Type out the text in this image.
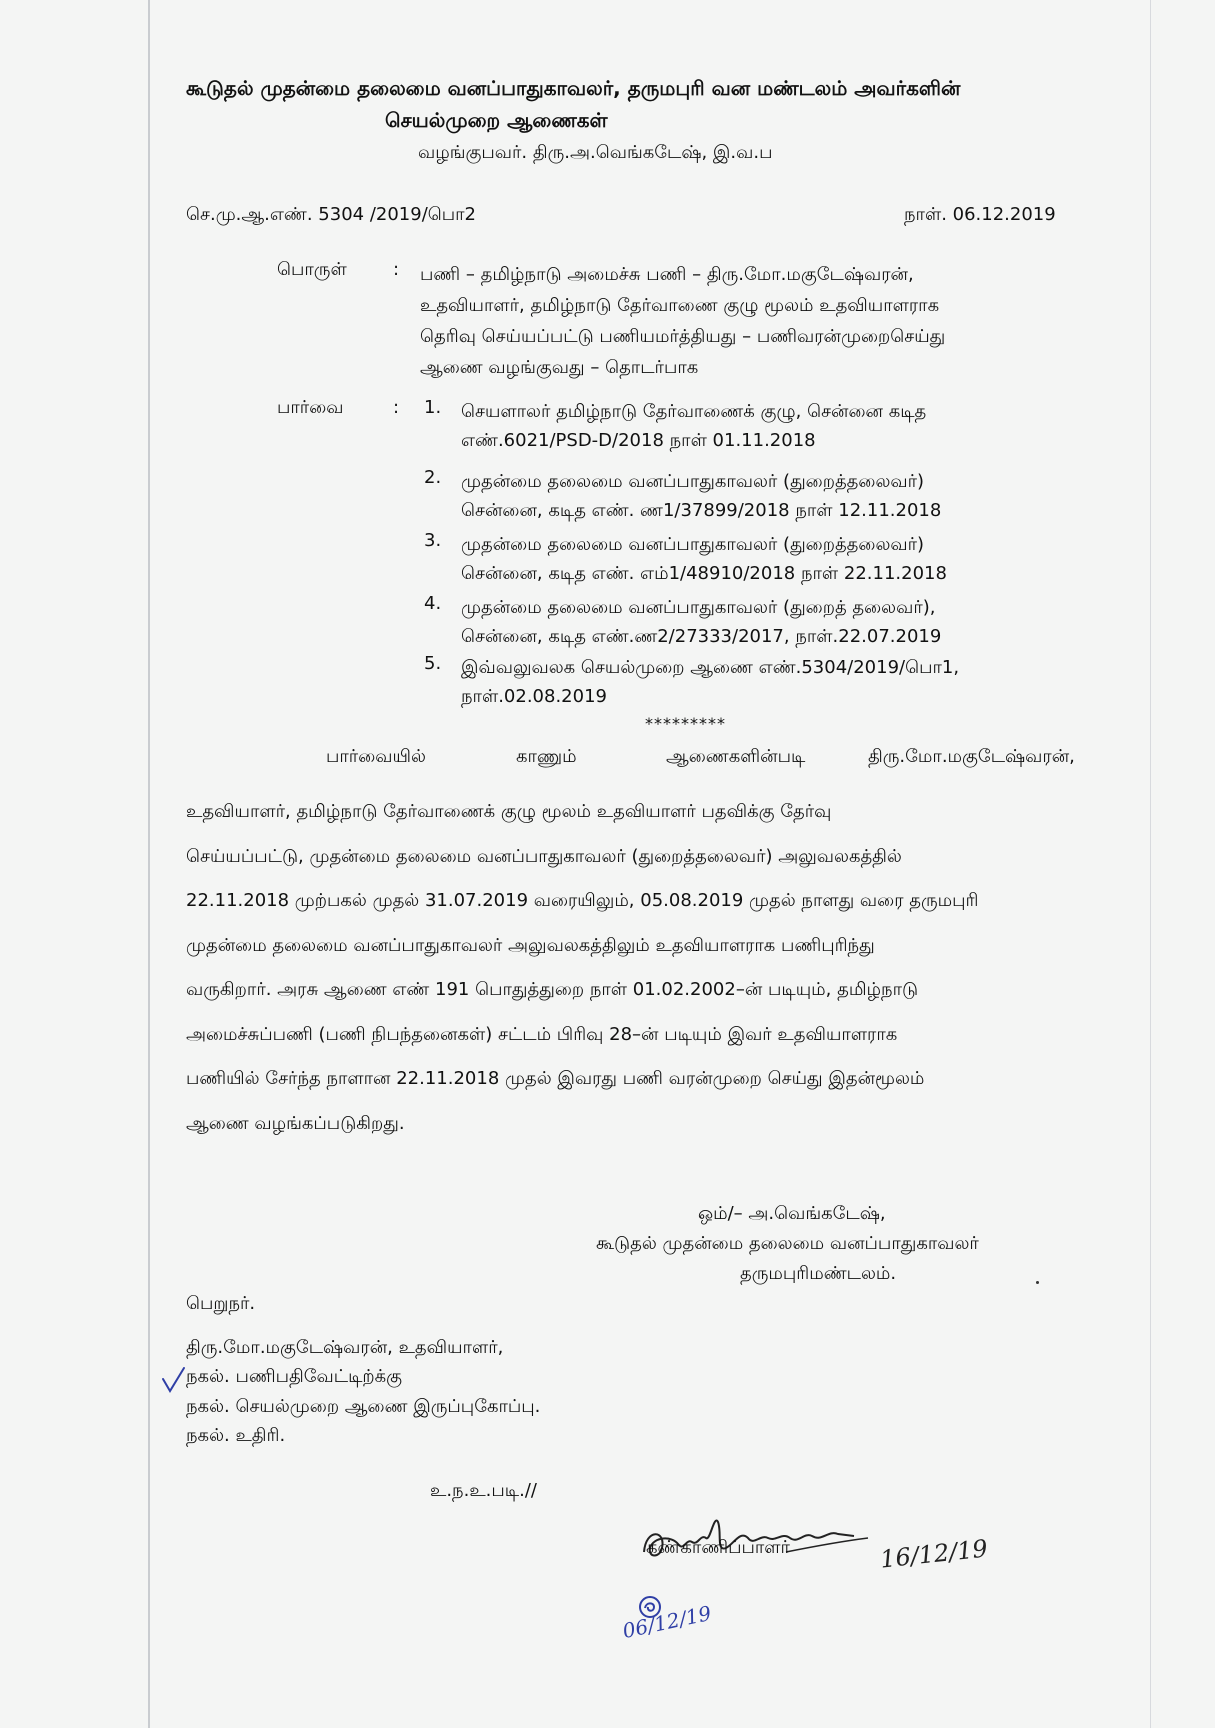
கூடுதல் முதன்மை தலைமை வனப்பாதுகாவலர், தருமபுரி வன மண்டலம் அவர்களின்
செயல்முறை ஆணைகள்
வழங்குபவர். திரு.அ.வெங்கடேஷ், இ.வ.ப
செ.மு.ஆ.எண். 5304 /2019/பொ2	நாள். 06.12.2019
பொருள்	: பணி – தமிழ்நாடு அமைச்சு பணி – திரு.மோ.மகுடேஷ்வரன்,
உதவியாளர், தமிழ்நாடு தேர்வாணை குழு மூலம் உதவியாளராக
தெரிவு செய்யப்பட்டு பணியமர்த்தியது – பணிவரன்முறைசெய்து
ஆணை வழங்குவது – தொடர்பாக
பார்வை	: 1. செயளாலர் தமிழ்நாடு தேர்வாணைக் குழு, சென்னை கடித
எண்.6021/PSD-D/2018 நாள் 01.11.2018
2. முதன்மை தலைமை வனப்பாதுகாவலர் (துறைத்தலைவர்)
சென்னை, கடித எண். ண1/37899/2018 நாள் 12.11.2018
3. முதன்மை தலைமை வனப்பாதுகாவலர் (துறைத்தலைவர்)
சென்னை, கடித எண். எம்1/48910/2018 நாள் 22.11.2018
4. முதன்மை தலைமை வனப்பாதுகாவலர் (துறைத் தலைவர்),
சென்னை, கடித எண்.ண2/27333/2017, நாள்.22.07.2019
5. இவ்வலுவலக செயல்முறை ஆணை எண்.5304/2019/பொ1,
நாள்.02.08.2019
*********
பார்வையில்	காணும்	ஆணைகளின்படி	திரு.மோ.மகுடேஷ்வரன்,
உதவியாளர், தமிழ்நாடு தேர்வாணைக் குழு மூலம் உதவியாளர் பதவிக்கு தேர்வு
செய்யப்பட்டு, முதன்மை தலைமை வனப்பாதுகாவலர் (துறைத்தலைவர்) அலுவலகத்தில்
22.11.2018 முற்பகல் முதல் 31.07.2019 வரையிலும், 05.08.2019 முதல் நாளது வரை தருமபுரி
முதன்மை தலைமை வனப்பாதுகாவலர் அலுவலகத்திலும் உதவியாளராக பணிபுரிந்து
வருகிறார். அரசு ஆணை எண் 191 பொதுத்துறை நாள் 01.02.2002–ன் படியும், தமிழ்நாடு
அமைச்சுப்பணி (பணி நிபந்தனைகள்) சட்டம் பிரிவு 28–ன் படியும் இவர் உதவியாளராக
பணியில் சேர்ந்த நாளான 22.11.2018 முதல் இவரது பணி வரன்முறை செய்து இதன்மூலம்
ஆணை வழங்கப்படுகிறது.
ஒம்/– அ.வெங்கடேஷ்,
கூடுதல் முதன்மை தலைமை வனப்பாதுகாவலர்
தருமபுரிமண்டலம்.
பெறுநர்.
திரு.மோ.மகுடேஷ்வரன், உதவியாளர்,
நகல். பணிபதிவேட்டிற்க்கு
நகல். செயல்முறை ஆணை இருப்புகோப்பு.
நகல். உதிரி.
உ.ந.உ.படி.//
கண்காணிப்பாளர்	16/12/19
06/12/19
